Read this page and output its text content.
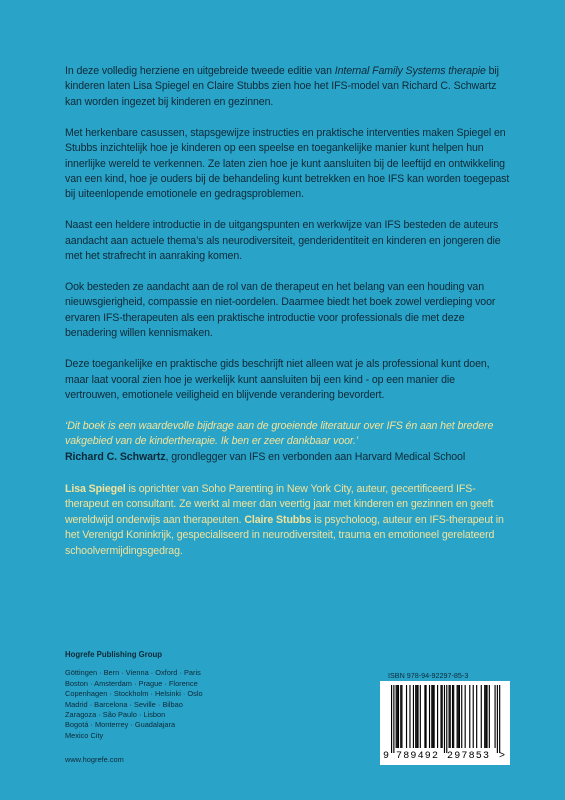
In deze volledig herziene en uitgebreide tweede editie van Internal Family Systems therapie bij kinderen laten Lisa Spiegel en Claire Stubbs zien hoe het IFS-model van Richard C. Schwartz kan worden ingezet bij kinderen en gezinnen.

Met herkenbare casussen, stapsgewijze instructies en praktische interventies maken Spiegel en Stubbs inzichtelijk hoe je kinderen op een speelse en toegankelijke manier kunt helpen hun innerlijke wereld te verkennen. Ze laten zien hoe je kunt aansluiten bij de leeftijd en ontwikkeling van een kind, hoe je ouders bij de behandeling kunt betrekken en hoe IFS kan worden toegepast bij uiteenlopende emotionele en gedragsproblemen.

Naast een heldere introductie in de uitgangspunten en werkwijze van IFS besteden de auteurs aandacht aan actuele thema’s als neurodiversiteit, genderidentiteit en kinderen en jongeren die met het strafrecht in aanraking komen.

Ook besteden ze aandacht aan de rol van de therapeut en het belang van een houding van nieuwsgierigheid, compassie en niet-oordelen. Daarmee biedt het boek zowel verdieping voor ervaren IFS-therapeuten als een praktische introductie voor professionals die met deze benadering willen kennismaken.

Deze toegankelijke en praktische gids beschrijft niet alleen wat je als professional kunt doen, maar laat vooral zien hoe je werkelijk kunt aansluiten bij een kind - op een manier die vertrouwen, emotionele veiligheid en blijvende verandering bevordert.

‘Dit boek is een waardevolle bijdrage aan de groeiende literatuur over IFS én aan het bredere vakgebied van de kindertherapie. Ik ben er zeer dankbaar voor.’

Richard C. Schwartz, grondlegger van IFS en verbonden aan Harvard Medical School

Lisa Spiegel is oprichter van Soho Parenting in New York City, auteur, gecertificeerd IFS-therapeut en consultant. Ze werkt al meer dan veertig jaar met kinderen en gezinnen en geeft wereldwijd onderwijs aan therapeuten. Claire Stubbs is psycholoog, auteur en IFS-therapeut in het Verenigd Koninkrijk, gespecialiseerd in neurodiversiteit, trauma en emotioneel gerelateerd schoolvermijdingsgedrag.

Hogrefe Publishing Group
Göttingen · Bern · Vienna · Oxford · Paris
Boston · Amsterdam · Prague · Florence
Copenhagen · Stockholm · Helsinki · Oslo
Madrid · Barcelona · Seville · Bilbao
Zaragoza · São Paulo · Lisbon
Bogotá · Monterrey · Guadalajara
Mexico City
www.hogrefe.com
ISBN 978-94-92297-85-3
9 789492 297853 >
